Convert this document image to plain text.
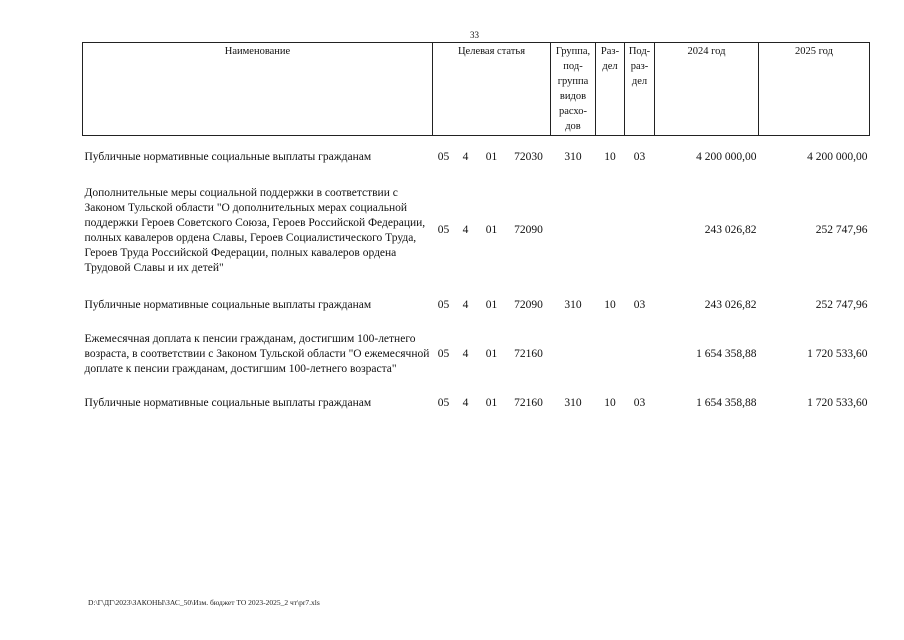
33
Наименование	Целевая статья				Группа, под-группа видов расхо-дов	Раз-дел	Под-раз-дел	2024 год	2025 год

Публичные нормативные социальные выплаты гражданам	05	4	01	72030	310	10	03	4 200 000,00	4 200 000,00

Дополнительные меры социальной поддержки в соответствии с Законом Тульской области "О дополнительных мерах социальной поддержки Героев Советского Союза, Героев Российской Федерации, полных кавалеров ордена Славы, Героев Социалистического Труда, Героев Труда Российской Федерации, полных кавалеров ордена Трудовой Славы и их детей"	05	4	01	72090				243 026,82	252 747,96

Публичные нормативные социальные выплаты гражданам	05	4	01	72090	310	10	03	243 026,82	252 747,96

Ежемесячная доплата к пенсии гражданам, достигшим 100-летнего возраста, в соответствии с Законом Тульской области "О ежемесячной доплате к пенсии гражданам, достигшим 100-летнего возраста"	05	4	01	72160				1 654 358,88	1 720 533,60

Публичные нормативные социальные выплаты гражданам	05	4	01	72160	310	10	03	1 654 358,88	1 720 533,60
D:\Г\ДГ\2023\ЗАКОНЫ\ЗАС_50\Изм. бюджет ТО 2023-2025_2 чт\pr7.xls
